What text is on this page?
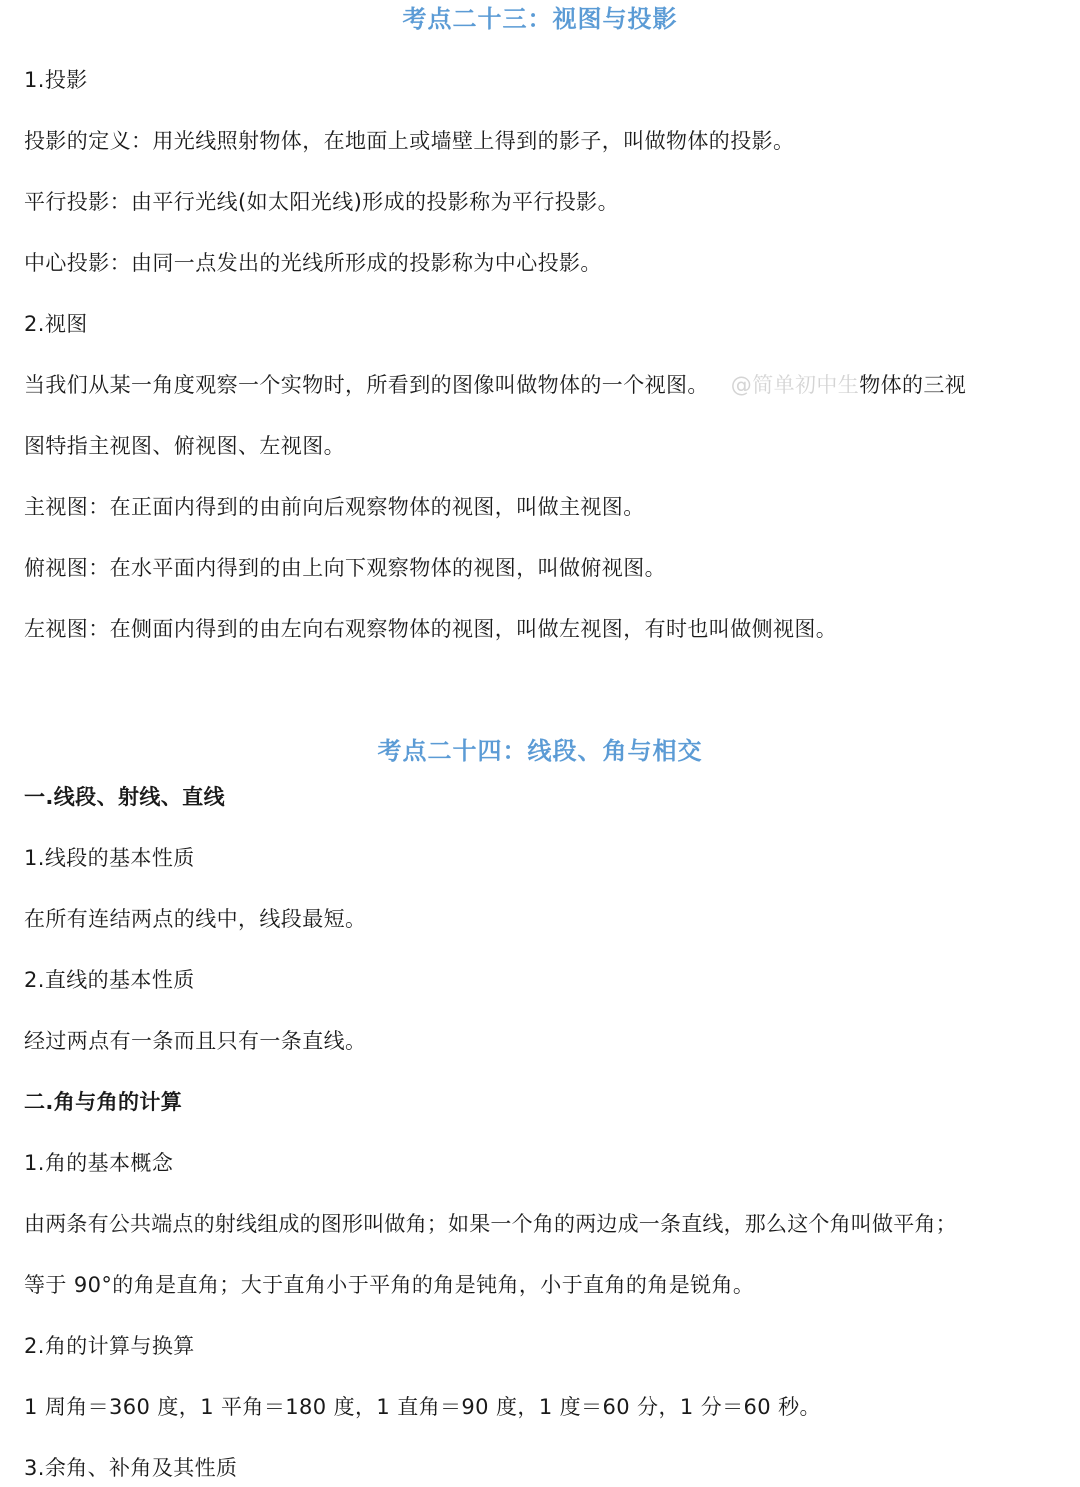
考点二十三：视图与投影
1.投影
投影的定义：用光线照射物体，在地面上或墙壁上得到的影子，叫做物体的投影。
平行投影：由平行光线(如太阳光线)形成的投影称为平行投影。
中心投影：由同一点发出的光线所形成的投影称为中心投影。
2.视图
当我们从某一角度观察一个实物时，所看到的图像叫做物体的一个视图。 @简单初中生物体的三视
图特指主视图、俯视图、左视图。
主视图：在正面内得到的由前向后观察物体的视图，叫做主视图。
俯视图：在水平面内得到的由上向下观察物体的视图，叫做俯视图。
左视图：在侧面内得到的由左向右观察物体的视图，叫做左视图，有时也叫做侧视图。
考点二十四：线段、角与相交
一.线段、射线、直线
1.线段的基本性质
在所有连结两点的线中，线段最短。
2.直线的基本性质
经过两点有一条而且只有一条直线。
二.角与角的计算
1.角的基本概念
由两条有公共端点的射线组成的图形叫做角；如果一个角的两边成一条直线，那么这个角叫做平角；
等于 90°的角是直角；大于直角小于平角的角是钝角，小于直角的角是锐角。
2.角的计算与换算
1 周角＝360 度，1 平角＝180 度，1 直角＝90 度，1 度＝60 分，1 分＝60 秒。
3.余角、补角及其性质
